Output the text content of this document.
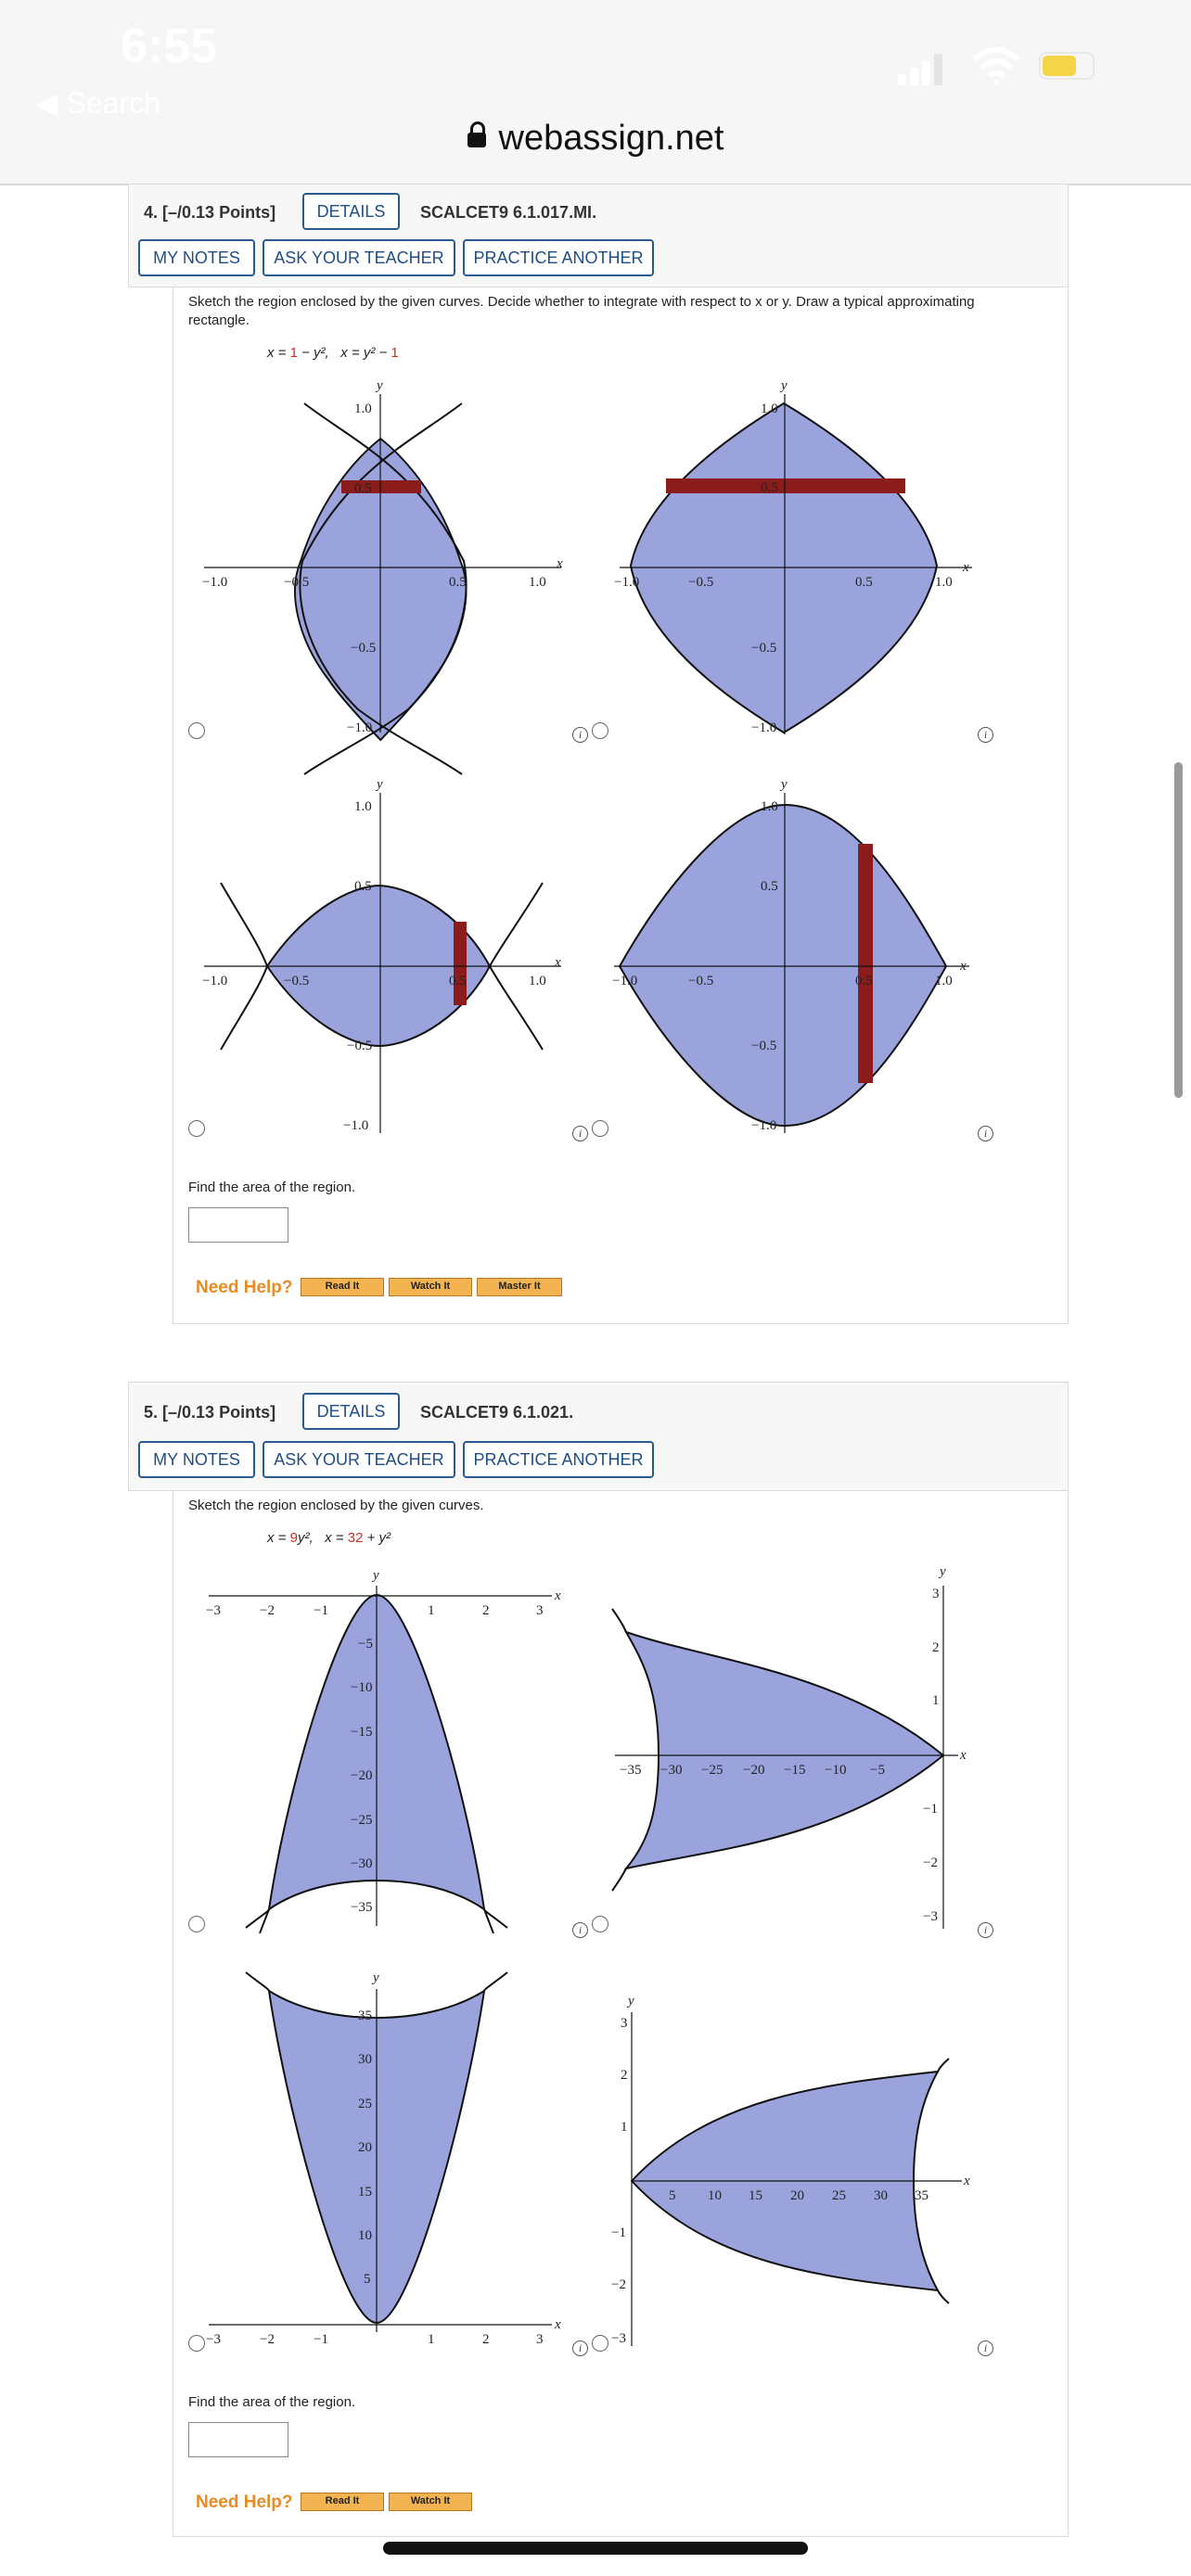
6:55
◀ Search
webassign.net
4. [–/0.13 Points]	DETAILS	SCALCET9 6.1.017.MI.
MY NOTES	ASK YOUR TEACHER	PRACTICE ANOTHER
Sketch the region enclosed by the given curves. Decide whether to integrate with respect to x or y. Draw a typical approximating
rectangle.
x = 1 − y²,   x = y² − 1
x
y
−1.0	−0.5	0.5	1.0
1.0
0.5
−0.5
−1.0
x
y
−1.0	−0.5	0.5	1.0
1.0
0.5
−0.5
−1.0
i	i
x
y
−1.0	−0.5	0.5	1.0
1.0
0.5
−0.5
−1.0
x
y
−1.0	−0.5	0.5	1.0
1.0
0.5
−0.5
−1.0
i	i
Find the area of the region.
Need Help?	Read It	Watch It	Master It
5. [–/0.13 Points]	DETAILS	SCALCET9 6.1.021.
MY NOTES	ASK YOUR TEACHER	PRACTICE ANOTHER
Sketch the region enclosed by the given curves.
x = 9y²,   x = 32 + y²
x
y
−3	−2	−1	1	2	3
−5
−10
−15
−20
−25
−30
−35
x
y
−35 −30 −25 −20 −15 −10 −5
3
2
1
−1
−2
−3
i	i
x
y
−3	−2	−1	1	2	3
35
30
25
20
15
10
5
x
y
5 10 15 20 25 30 35
3
2
1
−1
−2
−3
i	i
Find the area of the region.
Need Help?	Read It	Watch It
